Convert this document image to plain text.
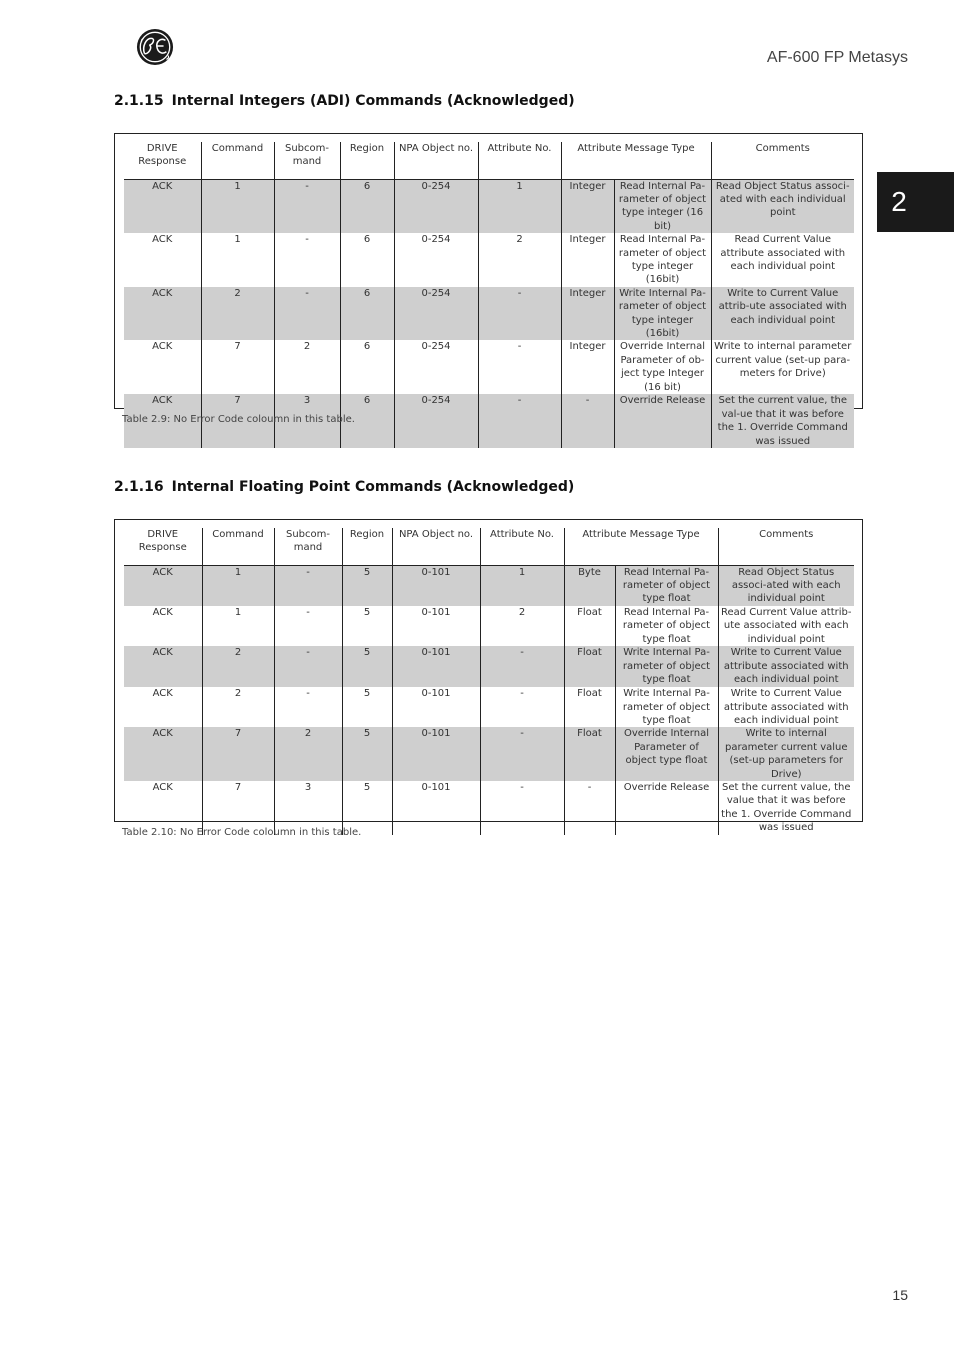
AF-600 FP Metasys
2
2.1.15 Internal Integers (ADI) Commands (Acknowledged)
DRIVE Response	Command	Subcom-mand	Region	NPA Object no.	Attribute No.	Attribute Message Type		Comments
ACK	1	-	6	0-254	1	Integer	Read Internal Pa-rameter of object type integer (16 bit)	Read Object Status associ-ated with each individual point
ACK	1	-	6	0-254	2	Integer	Read Internal Pa-rameter of object type integer (16bit)	Read Current Value attribute associated with each individual point
ACK	2	-	6	0-254	-	Integer	Write Internal Pa-rameter of object type integer (16bit)	Write to Current Value attrib-ute associated with each individual point
ACK	7	2	6	0-254	-	Integer	Override Internal Parameter of ob-ject type Integer (16 bit)	Write to internal parameter current value (set-up para-meters for Drive)
ACK	7	3	6	0-254	-	-	Override Release	Set the current value, the val-ue that it was before the 1. Override Command was issued
Table 2.9: No Error Code coloumn in this table.
2.1.16 Internal Floating Point Commands (Acknowledged)
DRIVE Response	Command	Subcom-mand	Region	NPA Object no.	Attribute No.	Attribute Message Type		Comments
ACK	1	-	5	0-101	1	Byte	Read Internal Pa-rameter of object type float	Read Object Status associ-ated with each individual point
ACK	1	-	5	0-101	2	Float	Read Internal Pa-rameter of object type float	Read Current Value attrib-ute associated with each individual point
ACK	2	-	5	0-101	-	Float	Write Internal Pa-rameter of object type float	Write to Current Value attribute associated with each individual point
ACK	2	-	5	0-101	-	Float	Write Internal Pa-rameter of object type float	Write to Current Value attribute associated with each individual point
ACK	7	2	5	0-101	-	Float	Override Internal Parameter of object type float	Write to internal parameter current value (set-up parameters for Drive)
ACK	7	3	5	0-101	-	-	Override Release	Set the current value, the value that it was before the 1. Override Command was issued
Table 2.10: No Error Code coloumn in this table.
15
